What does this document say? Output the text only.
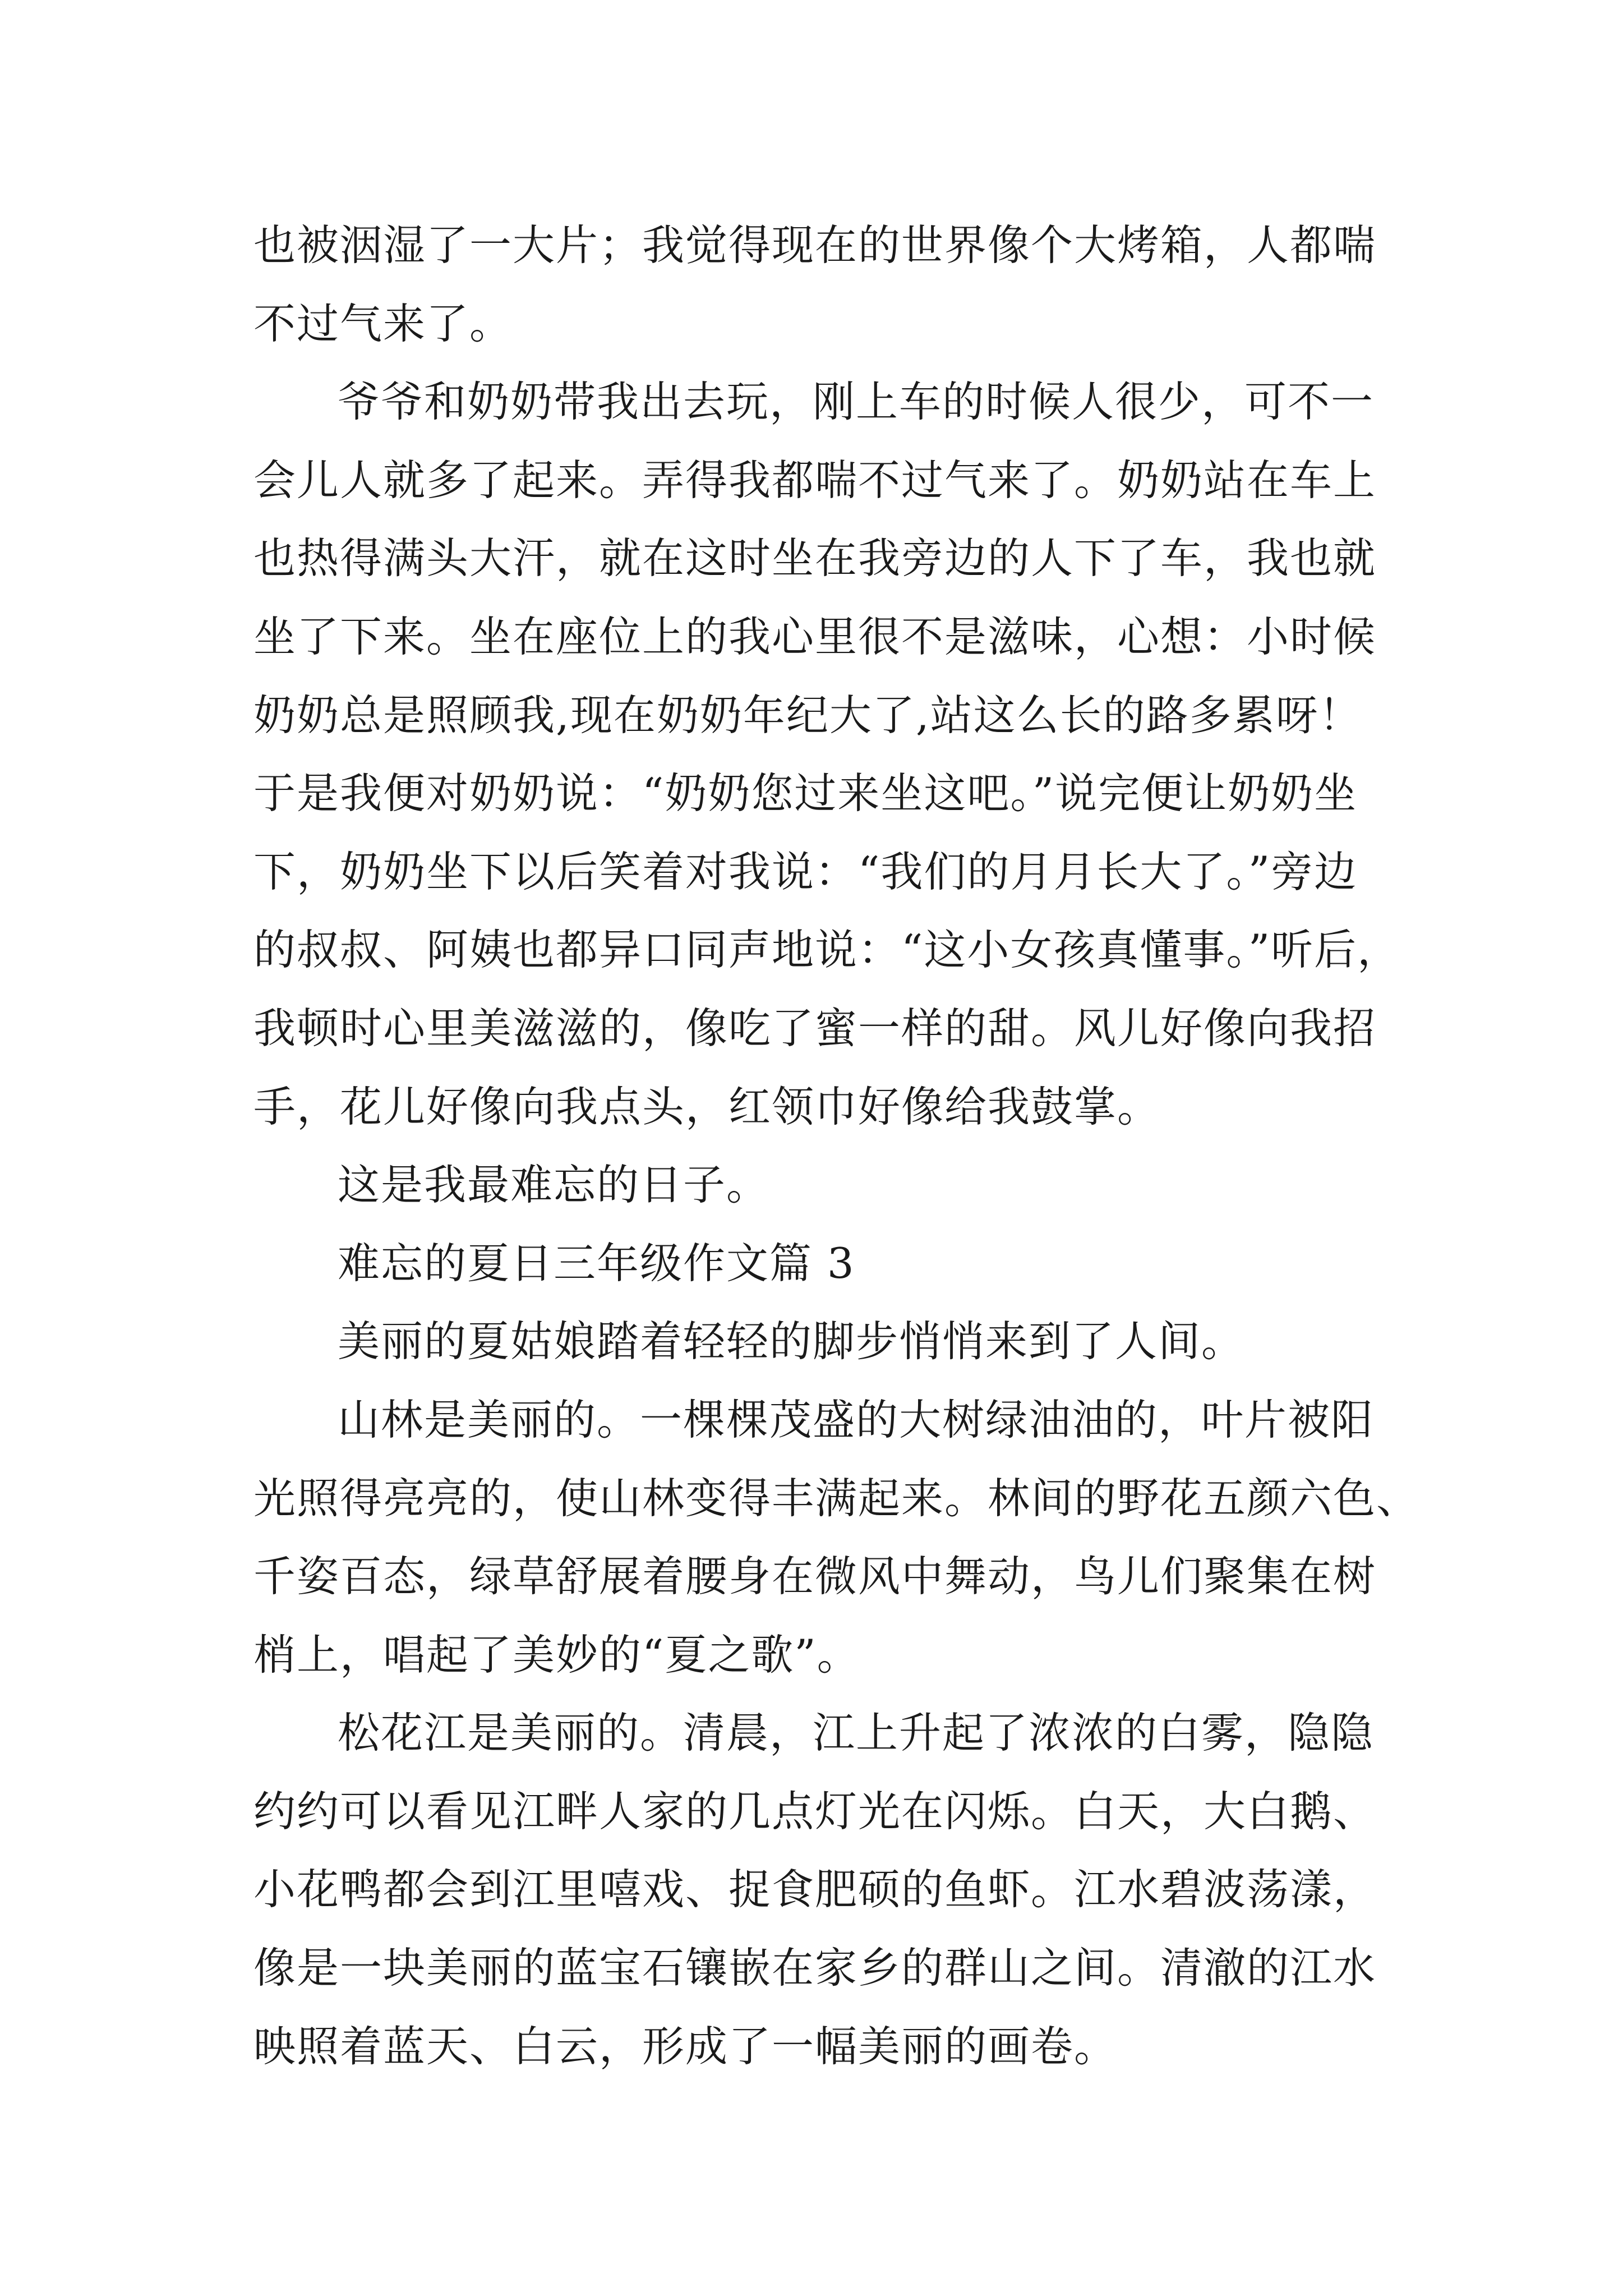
也被洇湿了一大片；我觉得现在的世界像个大烤箱，人都喘
不过气来了。
爷爷和奶奶带我出去玩，刚上车的时候人很少，可不一
会儿人就多了起来。弄得我都喘不过气来了。奶奶站在车上
也热得满头大汗，就在这时坐在我旁边的人下了车，我也就
坐了下来。坐在座位上的我心里很不是滋味，心想：小时候
奶奶总是照顾我,现在奶奶年纪大了,站这么长的路多累呀！
于是我便对奶奶说：“奶奶您过来坐这吧。”说完便让奶奶坐
下，奶奶坐下以后笑着对我说：“我们的月月长大了。”旁边
的叔叔、阿姨也都异口同声地说：“这小女孩真懂事。”听后，
我顿时心里美滋滋的，像吃了蜜一样的甜。风儿好像向我招
手，花儿好像向我点头，红领巾好像给我鼓掌。
这是我最难忘的日子。
难忘的夏日三年级作文篇 3
美丽的夏姑娘踏着轻轻的脚步悄悄来到了人间。
山林是美丽的。一棵棵茂盛的大树绿油油的，叶片被阳
光照得亮亮的，使山林变得丰满起来。林间的野花五颜六色、
千姿百态，绿草舒展着腰身在微风中舞动，鸟儿们聚集在树
梢上，唱起了美妙的“夏之歌”。
松花江是美丽的。清晨，江上升起了浓浓的白雾，隐隐
约约可以看见江畔人家的几点灯光在闪烁。白天，大白鹅、
小花鸭都会到江里嘻戏、捉食肥硕的鱼虾。江水碧波荡漾，
像是一块美丽的蓝宝石镶嵌在家乡的群山之间。清澈的江水
映照着蓝天、白云，形成了一幅美丽的画卷。
